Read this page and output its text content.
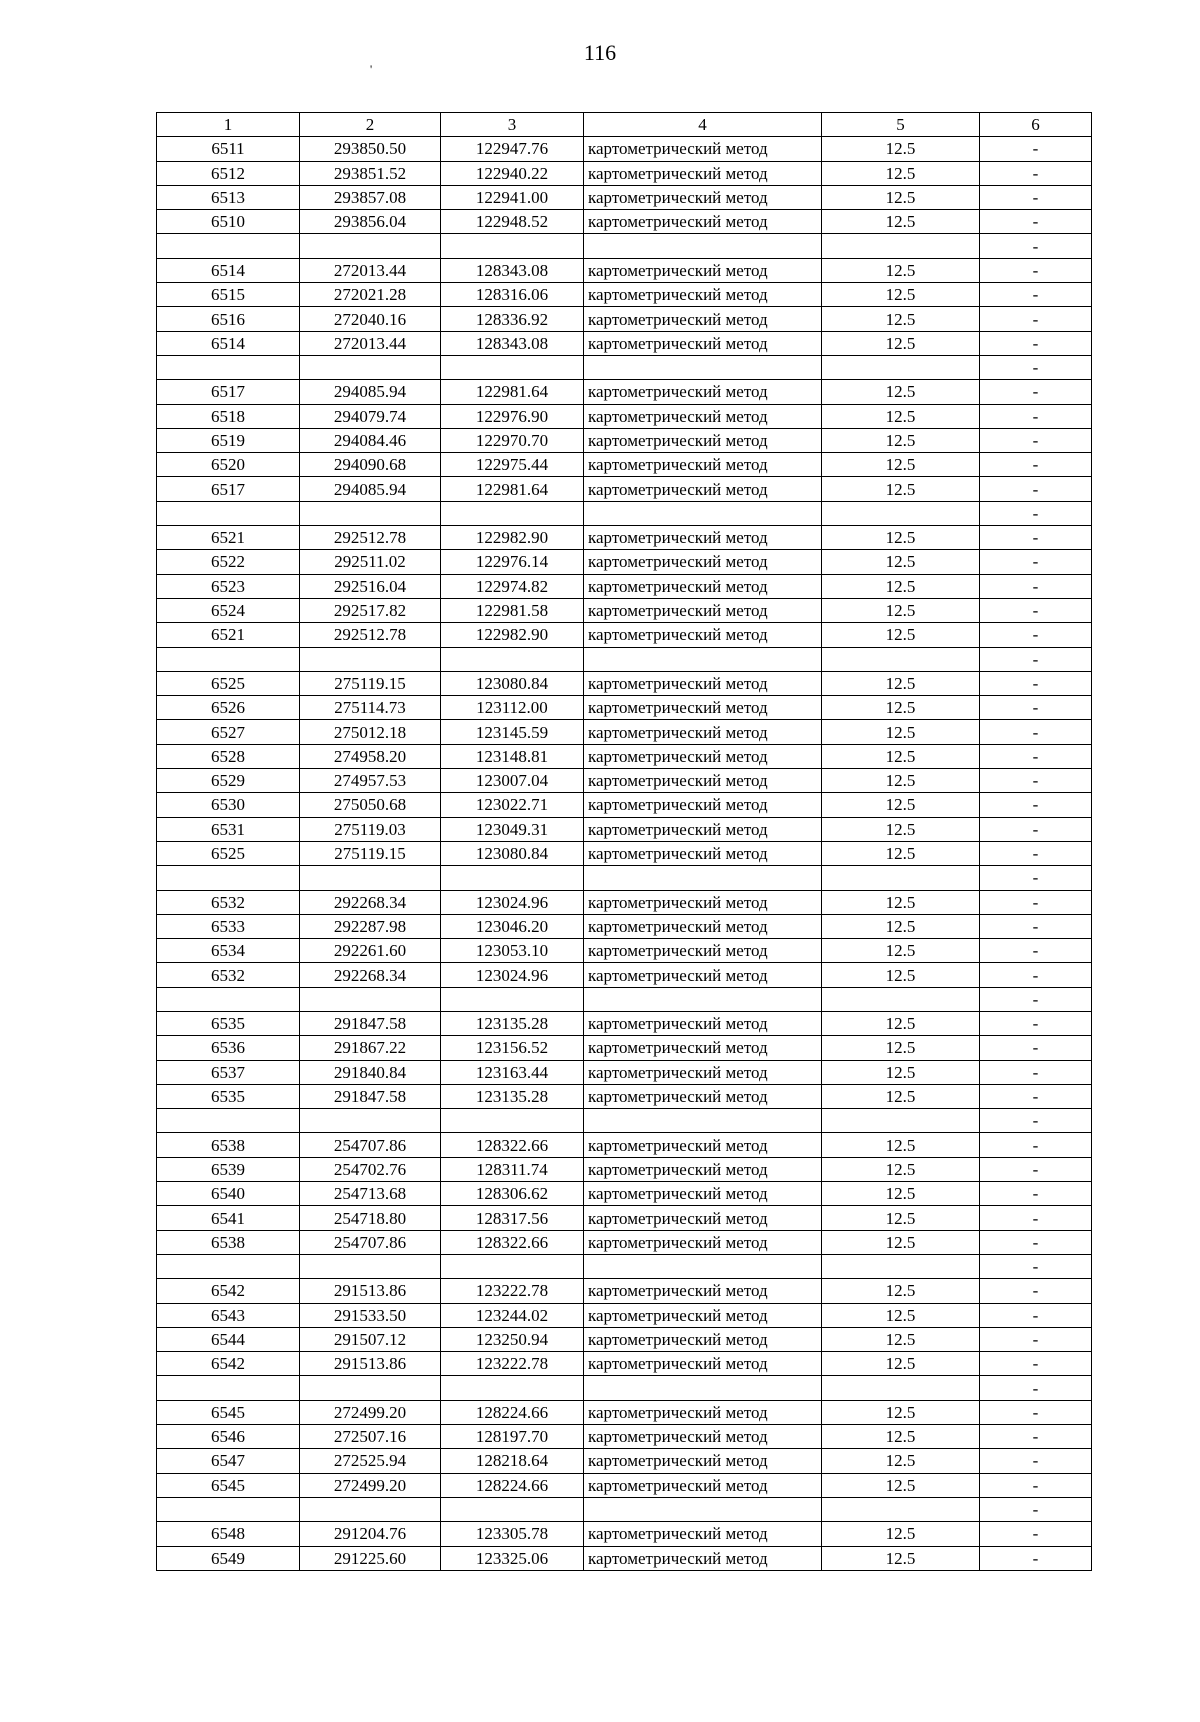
116
'
1	2	3	4	5	6
6511	293850.50	122947.76	картометрический метод	12.5	-
6512	293851.52	122940.22	картометрический метод	12.5	-
6513	293857.08	122941.00	картометрический метод	12.5	-
6510	293856.04	122948.52	картометрический метод	12.5	-
					-
6514	272013.44	128343.08	картометрический метод	12.5	-
6515	272021.28	128316.06	картометрический метод	12.5	-
6516	272040.16	128336.92	картометрический метод	12.5	-
6514	272013.44	128343.08	картометрический метод	12.5	-
					-
6517	294085.94	122981.64	картометрический метод	12.5	-
6518	294079.74	122976.90	картометрический метод	12.5	-
6519	294084.46	122970.70	картометрический метод	12.5	-
6520	294090.68	122975.44	картометрический метод	12.5	-
6517	294085.94	122981.64	картометрический метод	12.5	-
					-
6521	292512.78	122982.90	картометрический метод	12.5	-
6522	292511.02	122976.14	картометрический метод	12.5	-
6523	292516.04	122974.82	картометрический метод	12.5	-
6524	292517.82	122981.58	картометрический метод	12.5	-
6521	292512.78	122982.90	картометрический метод	12.5	-
					-
6525	275119.15	123080.84	картометрический метод	12.5	-
6526	275114.73	123112.00	картометрический метод	12.5	-
6527	275012.18	123145.59	картометрический метод	12.5	-
6528	274958.20	123148.81	картометрический метод	12.5	-
6529	274957.53	123007.04	картометрический метод	12.5	-
6530	275050.68	123022.71	картометрический метод	12.5	-
6531	275119.03	123049.31	картометрический метод	12.5	-
6525	275119.15	123080.84	картометрический метод	12.5	-
					-
6532	292268.34	123024.96	картометрический метод	12.5	-
6533	292287.98	123046.20	картометрический метод	12.5	-
6534	292261.60	123053.10	картометрический метод	12.5	-
6532	292268.34	123024.96	картометрический метод	12.5	-
					-
6535	291847.58	123135.28	картометрический метод	12.5	-
6536	291867.22	123156.52	картометрический метод	12.5	-
6537	291840.84	123163.44	картометрический метод	12.5	-
6535	291847.58	123135.28	картометрический метод	12.5	-
					-
6538	254707.86	128322.66	картометрический метод	12.5	-
6539	254702.76	128311.74	картометрический метод	12.5	-
6540	254713.68	128306.62	картометрический метод	12.5	-
6541	254718.80	128317.56	картометрический метод	12.5	-
6538	254707.86	128322.66	картометрический метод	12.5	-
					-
6542	291513.86	123222.78	картометрический метод	12.5	-
6543	291533.50	123244.02	картометрический метод	12.5	-
6544	291507.12	123250.94	картометрический метод	12.5	-
6542	291513.86	123222.78	картометрический метод	12.5	-
					-
6545	272499.20	128224.66	картометрический метод	12.5	-
6546	272507.16	128197.70	картометрический метод	12.5	-
6547	272525.94	128218.64	картометрический метод	12.5	-
6545	272499.20	128224.66	картометрический метод	12.5	-
					-
6548	291204.76	123305.78	картометрический метод	12.5	-
6549	291225.60	123325.06	картометрический метод	12.5	-
